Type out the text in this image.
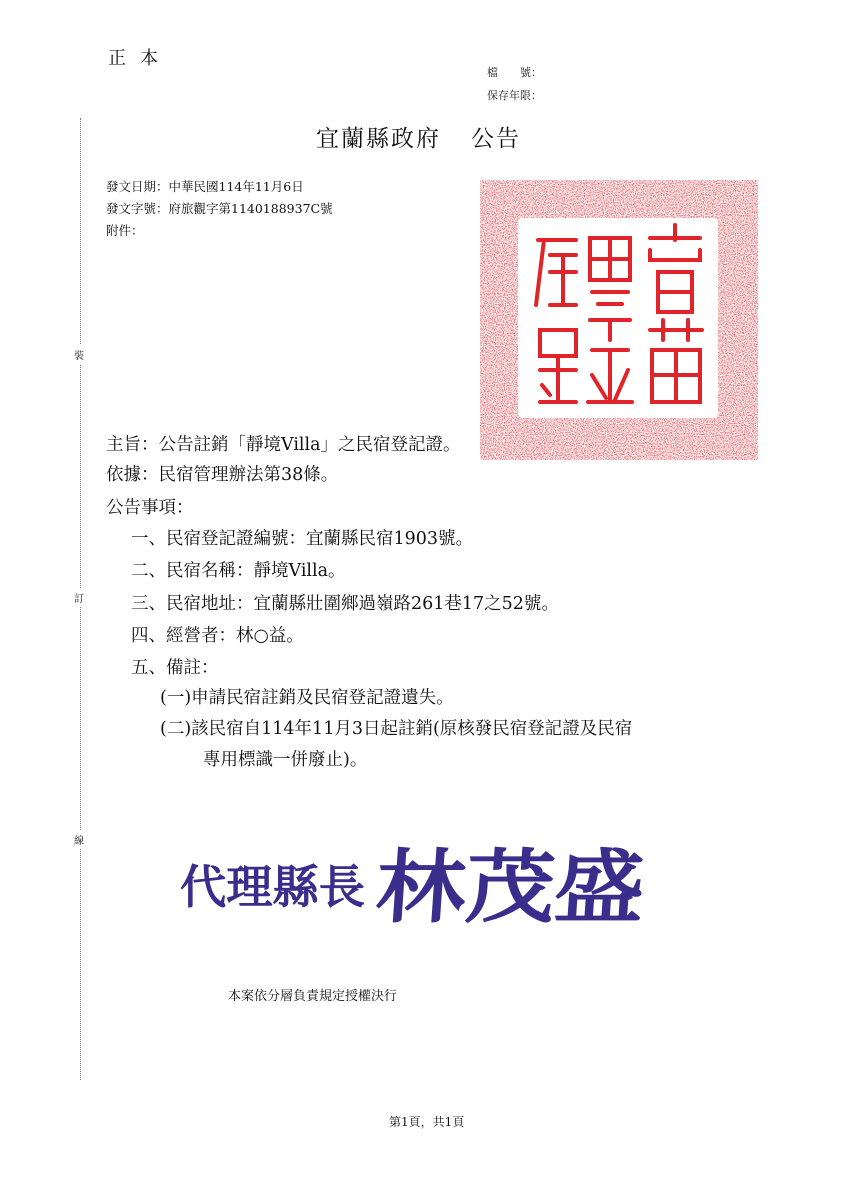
正本
檔　　號：
保存年限：
裝
訂
線
宜蘭縣政府 公告
發文日期：中華民國114年11月6日
發文字號：府旅觀字第1140188937C號
附件：
主旨：公告註銷「靜境Villa」之民宿登記證。
依據：民宿管理辦法第38條。
公告事項：
一、民宿登記證編號：宜蘭縣民宿1903號。
二、民宿名稱：靜境Villa。
三、民宿地址：宜蘭縣壯圍鄉過嶺路261巷17之52號。
四、經營者：林○益。
五、備註：
(一)申請民宿註銷及民宿登記證遺失。
(二)該民宿自114年11月3日起註銷(原核發民宿登記證及民宿
專用標識一併廢止)。
代理縣長 林茂盛
本案依分層負責規定授權決行
第1頁，共1頁
